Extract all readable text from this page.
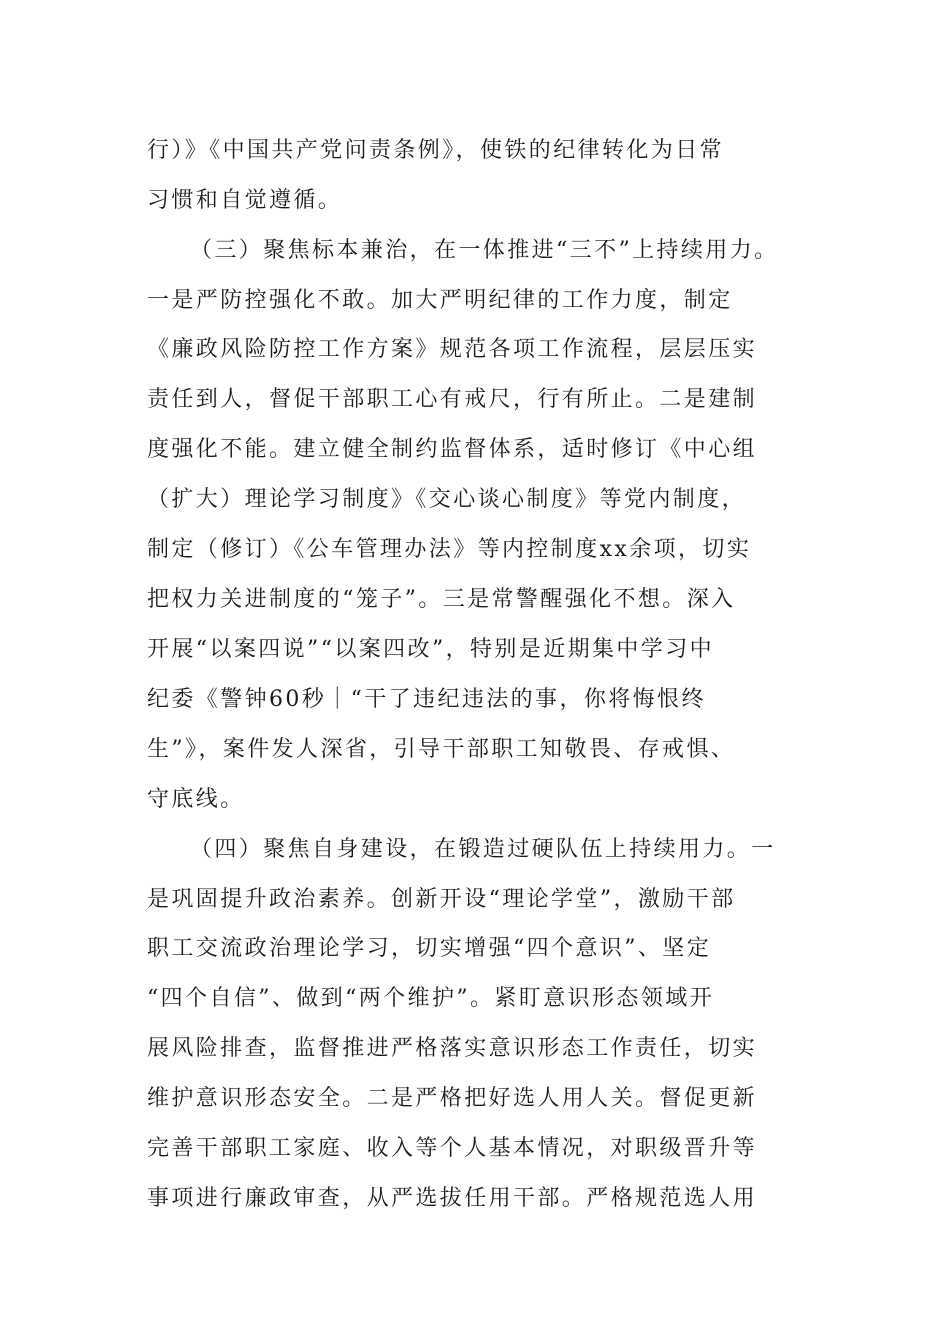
行）》《中国共产党问责条例》，使铁的纪律转化为日常
习惯和自觉遵循。
（三）聚焦标本兼治，在一体推进“三不”上持续用力。
一是严防控强化不敢。加大严明纪律的工作力度，制定
《廉政风险防控工作方案》规范各项工作流程，层层压实
责任到人，督促干部职工心有戒尺，行有所止。二是建制
度强化不能。建立健全制约监督体系，适时修订《中心组
（扩大）理论学习制度》《交心谈心制度》等党内制度，
制定（修订）《公车管理办法》等内控制度xx余项，切实
把权力关进制度的“笼子”。三是常警醒强化不想。深入
开展“以案四说”“以案四改”，特别是近期集中学习中
纪委《警钟60秒｜“干了违纪违法的事，你将悔恨终
生”》，案件发人深省，引导干部职工知敬畏、存戒惧、
守底线。
（四）聚焦自身建设，在锻造过硬队伍上持续用力。一
是巩固提升政治素养。创新开设“理论学堂”，激励干部
职工交流政治理论学习，切实增强“四个意识”、坚定
“四个自信”、做到“两个维护”。紧盯意识形态领域开
展风险排查，监督推进严格落实意识形态工作责任，切实
维护意识形态安全。二是严格把好选人用人关。督促更新
完善干部职工家庭、收入等个人基本情况，对职级晋升等
事项进行廉政审查，从严选拔任用干部。严格规范选人用
